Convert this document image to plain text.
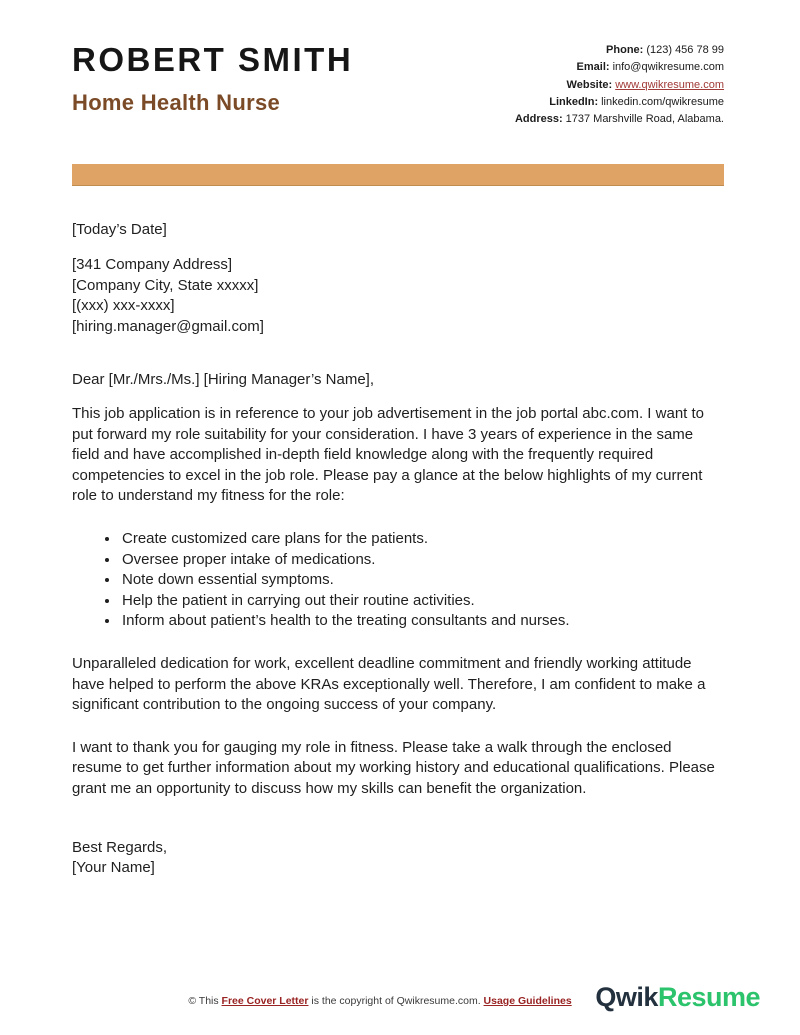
ROBERT SMITH
Home Health Nurse
Phone: (123) 456 78 99
Email: info@qwikresume.com
Website: www.qwikresume.com
LinkedIn: linkedin.com/qwikresume
Address: 1737 Marshville Road, Alabama.

[Today’s Date]

[341 Company Address]
[Company City, State xxxxx]
[(xxx) xxx-xxxx]
[hiring.manager@gmail.com]

Dear [Mr./Mrs./Ms.] [Hiring Manager’s Name],

This job application is in reference to your job advertisement in the job portal abc.com. I want to put forward my role suitability for your consideration. I have 3 years of experience in the same field and have accomplished in-depth field knowledge along with the frequently required competencies to excel in the job role. Please pay a glance at the below highlights of my current role to understand my fitness for the role:

• Create customized care plans for the patients.
• Oversee proper intake of medications.
• Note down essential symptoms.
• Help the patient in carrying out their routine activities.
• Inform about patient’s health to the treating consultants and nurses.

Unparalleled dedication for work, excellent deadline commitment and friendly working attitude have helped to perform the above KRAs exceptionally well. Therefore, I am confident to make a significant contribution to the ongoing success of your company.

I want to thank you for gauging my role in fitness. Please take a walk through the enclosed resume to get further information about my working history and educational qualifications. Please grant me an opportunity to discuss how my skills can benefit the organization.

Best Regards,
[Your Name]

© This Free Cover Letter is the copyright of Qwikresume.com. Usage Guidelines QwikResume
